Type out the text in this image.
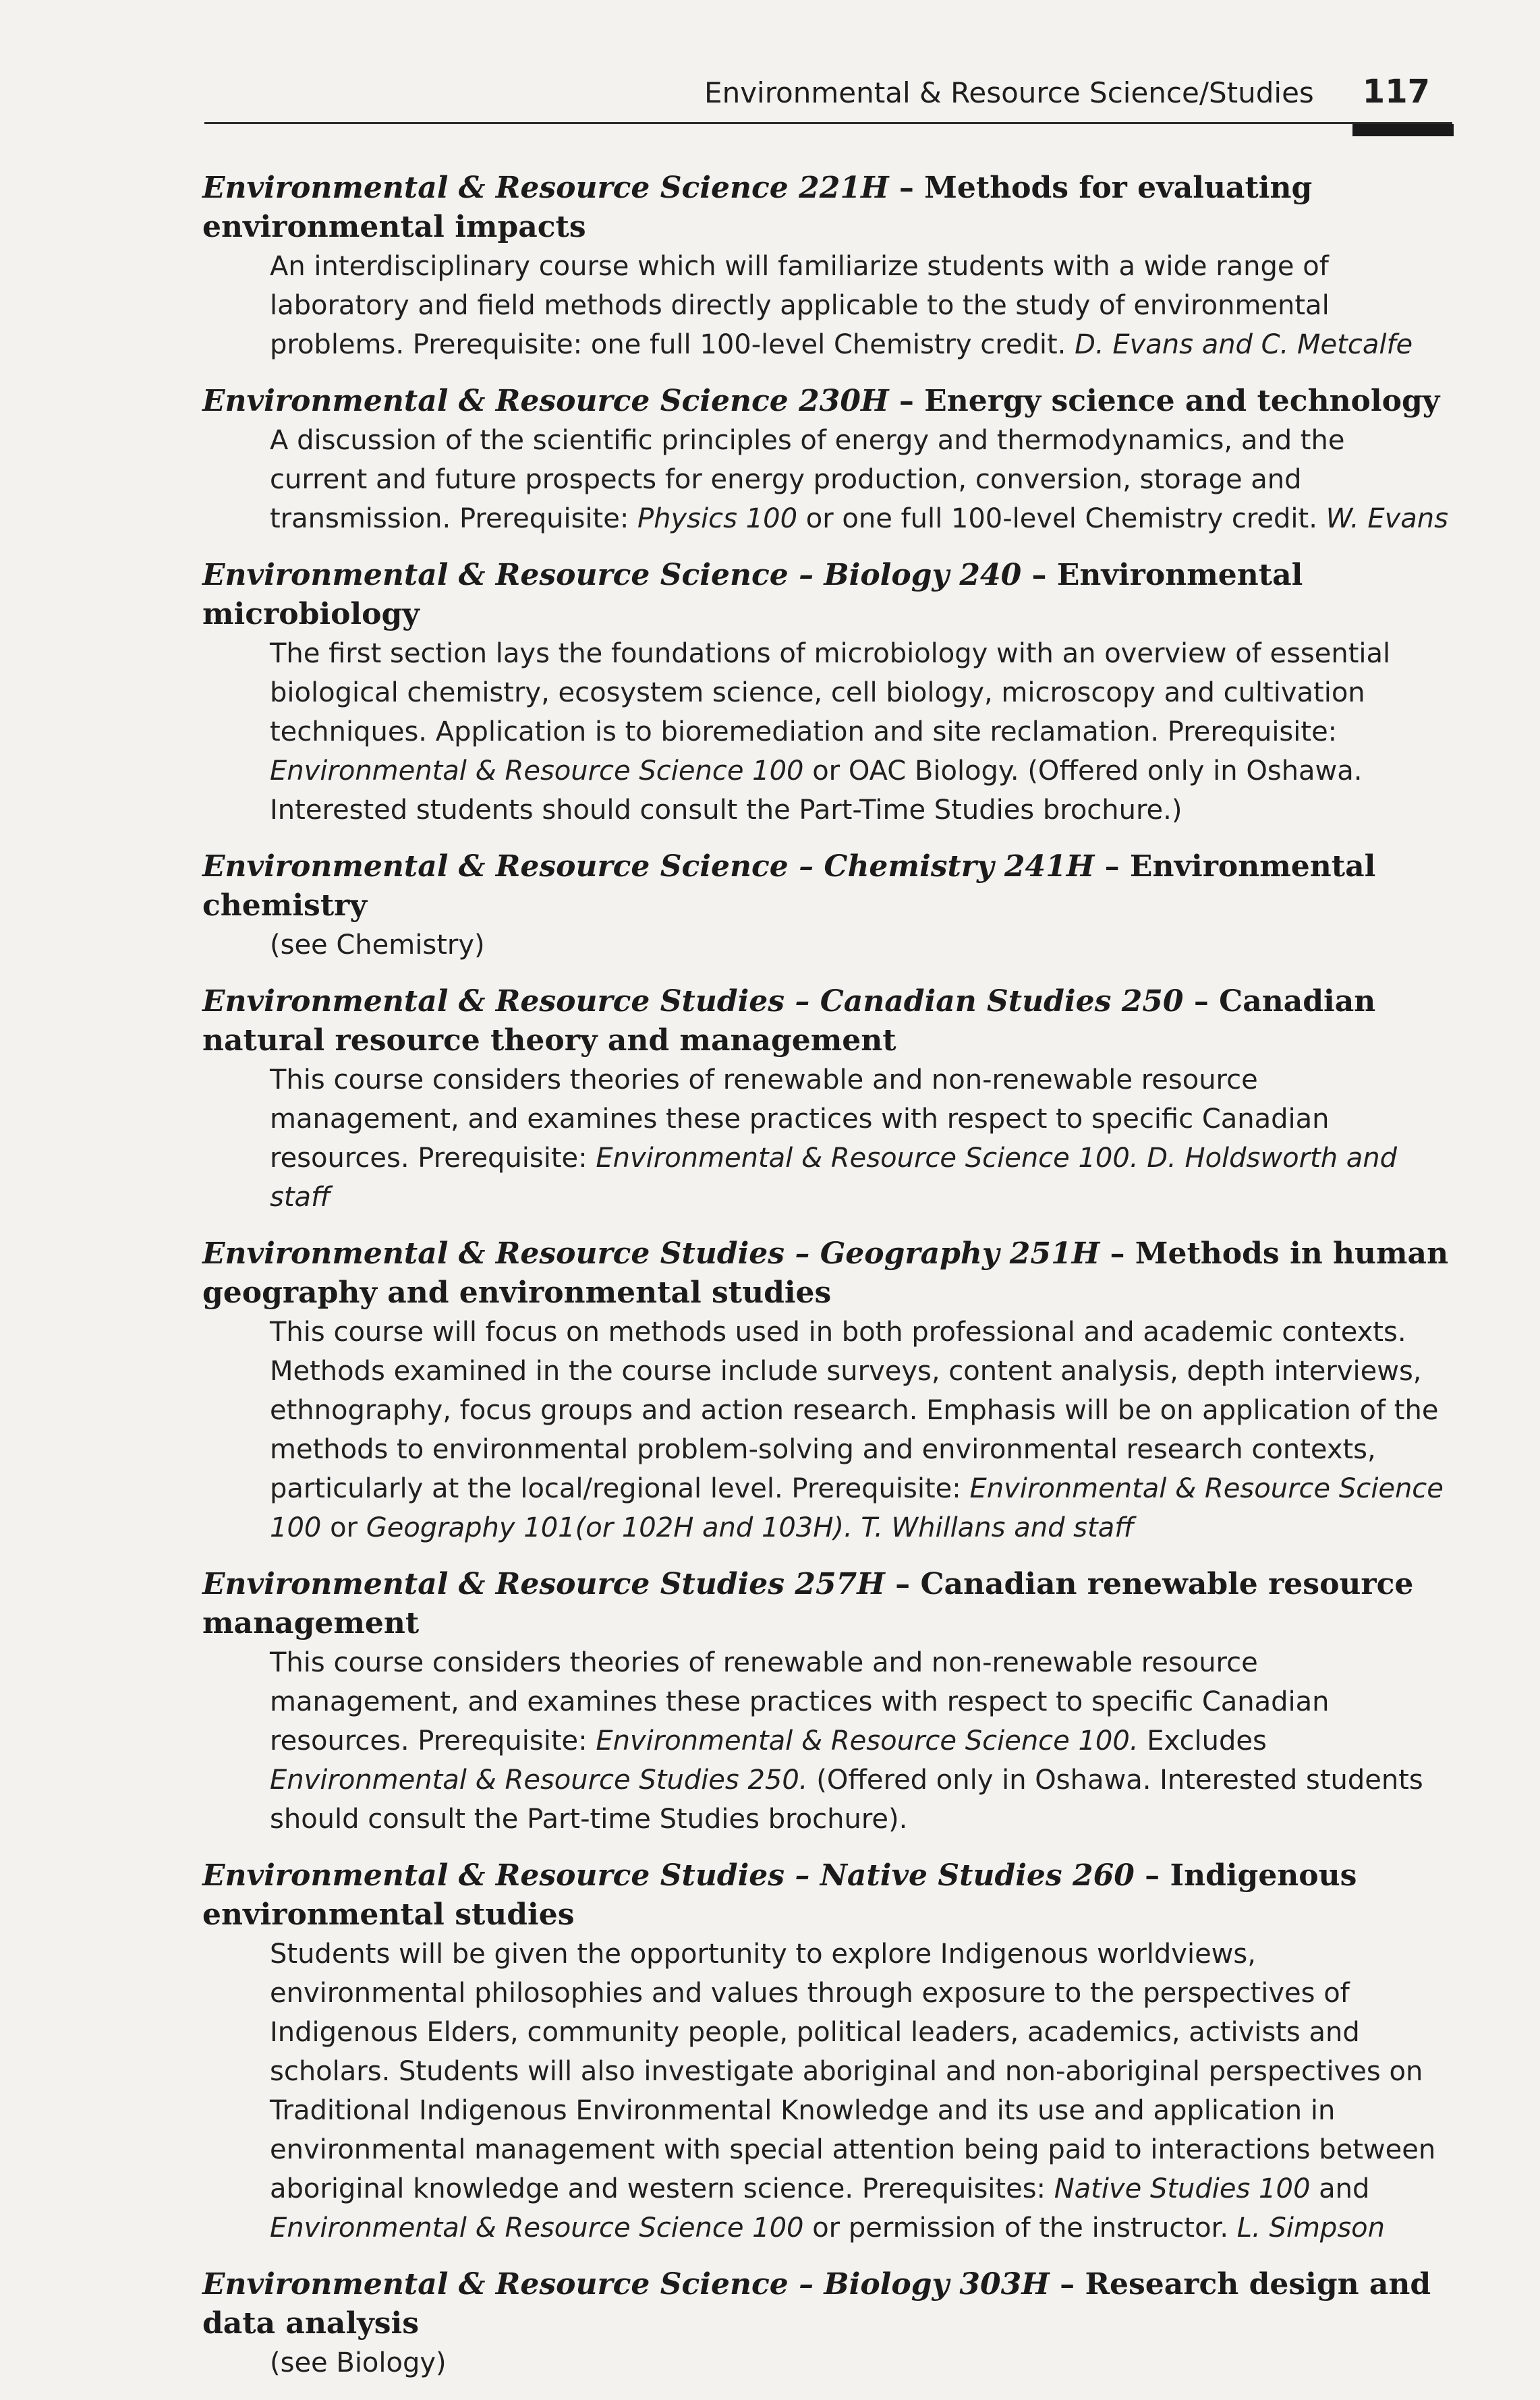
Environmental & Resource Science/Studies 117
Environmental & Resource Science 221H – Methods for evaluating environmental impacts
An interdisciplinary course which will familiarize students with a wide range of laboratory and field methods directly applicable to the study of environmental problems. Prerequisite: one full 100-level Chemistry credit. D. Evans and C. Metcalfe
Environmental & Resource Science 230H – Energy science and technology
A discussion of the scientific principles of energy and thermodynamics, and the current and future prospects for energy production, conversion, storage and transmission. Prerequisite: Physics 100 or one full 100-level Chemistry credit. W. Evans
Environmental & Resource Science – Biology 240 – Environmental microbiology
The first section lays the foundations of microbiology with an overview of essential biological chemistry, ecosystem science, cell biology, microscopy and cultivation techniques. Application is to bioremediation and site reclamation. Prerequisite: Environmental & Resource Science 100 or OAC Biology. (Offered only in Oshawa. Interested students should consult the Part-Time Studies brochure.)
Environmental & Resource Science – Chemistry 241H – Environmental chemistry
(see Chemistry)
Environmental & Resource Studies – Canadian Studies 250 – Canadian natural resource theory and management
This course considers theories of renewable and non-renewable resource management, and examines these practices with respect to specific Canadian resources. Prerequisite: Environmental & Resource Science 100. D. Holdsworth and staff
Environmental & Resource Studies – Geography 251H – Methods in human geography and environmental studies
This course will focus on methods used in both professional and academic contexts. Methods examined in the course include surveys, content analysis, depth interviews, ethnography, focus groups and action research. Emphasis will be on application of the methods to environmental problem-solving and environmental research contexts, particularly at the local/regional level. Prerequisite: Environmental & Resource Science 100 or Geography 101(or 102H and 103H). T. Whillans and staff
Environmental & Resource Studies 257H – Canadian renewable resource management
This course considers theories of renewable and non-renewable resource management, and examines these practices with respect to specific Canadian resources. Prerequisite: Environmental & Resource Science 100. Excludes Environmental & Resource Studies 250. (Offered only in Oshawa. Interested students should consult the Part-time Studies brochure).
Environmental & Resource Studies – Native Studies 260 – Indigenous environmental studies
Students will be given the opportunity to explore Indigenous worldviews, environmental philosophies and values through exposure to the perspectives of Indigenous Elders, community people, political leaders, academics, activists and scholars. Students will also investigate aboriginal and non-aboriginal perspectives on Traditional Indigenous Environmental Knowledge and its use and application in environmental management with special attention being paid to interactions between aboriginal knowledge and western science. Prerequisites: Native Studies 100 and Environmental & Resource Science 100 or permission of the instructor. L. Simpson
Environmental & Resource Science – Biology 303H – Research design and data analysis
(see Biology)
